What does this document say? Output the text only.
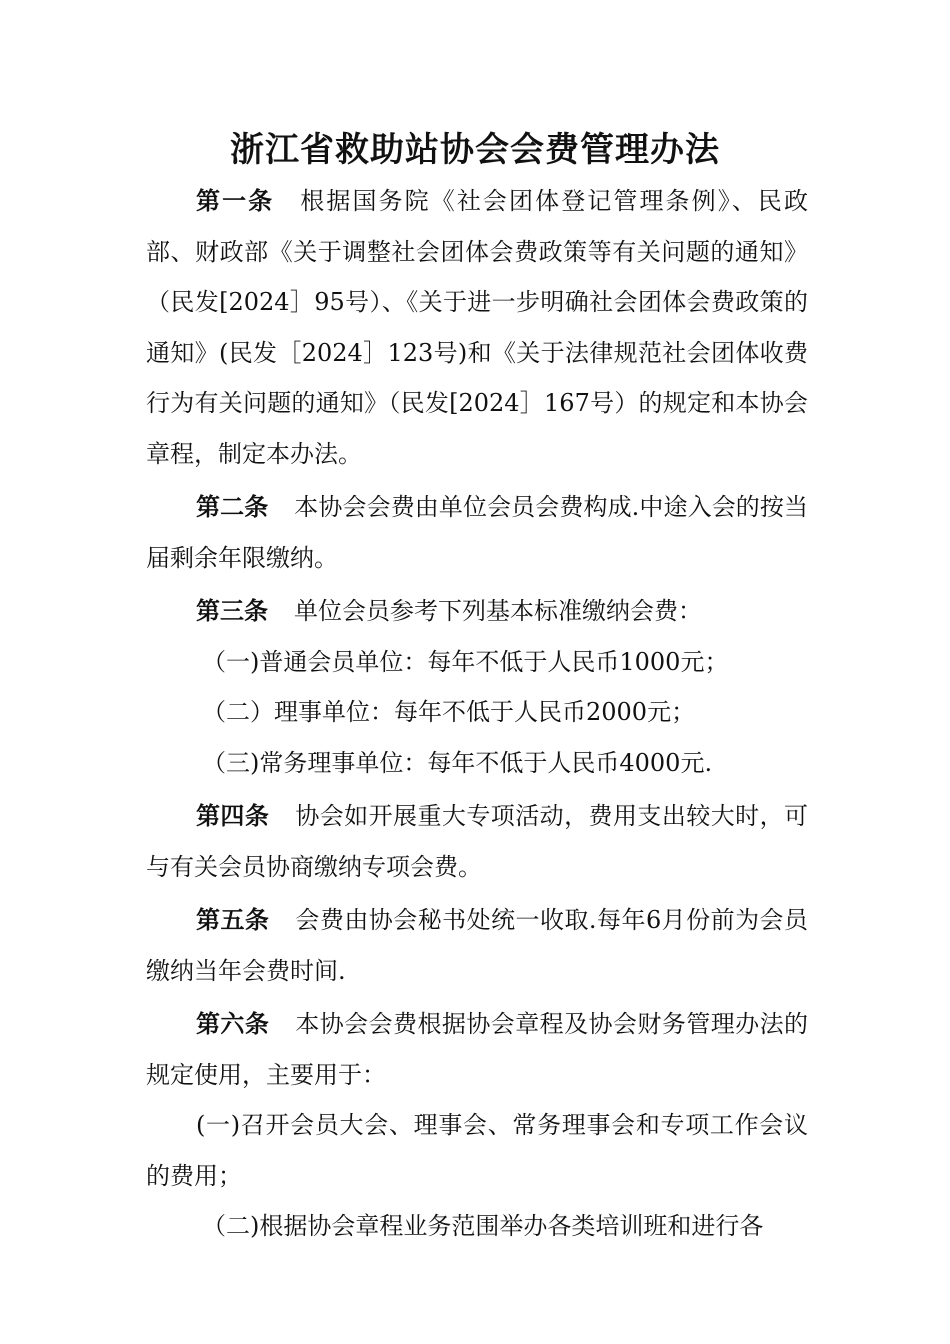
浙江省救助站协会会费管理办法

第一条 根据国务院《社会团体登记管理条例》、民政部、财政部《关于调整社会团体会费政策等有关问题的通知》（民发[2024］95号）、《关于进一步明确社会团体会费政策的通知》(民发［2024］123号)和《关于法律规范社会团体收费行为有关问题的通知》（民发[2024］167号）的规定和本协会章程，制定本办法。

第二条 本协会会费由单位会员会费构成.中途入会的按当届剩余年限缴纳。

第三条 单位会员参考下列基本标准缴纳会费：

（一)普通会员单位：每年不低于人民币1000元；

（二）理事单位：每年不低于人民币2000元；

（三)常务理事单位：每年不低于人民币4000元.

第四条 协会如开展重大专项活动，费用支出较大时，可与有关会员协商缴纳专项会费。

第五条 会费由协会秘书处统一收取.每年6月份前为会员缴纳当年会费时间.

第六条 本协会会费根据协会章程及协会财务管理办法的规定使用，主要用于：

(一)召开会员大会、理事会、常务理事会和专项工作会议的费用；

（二)根据协会章程业务范围举办各类培训班和进行各
